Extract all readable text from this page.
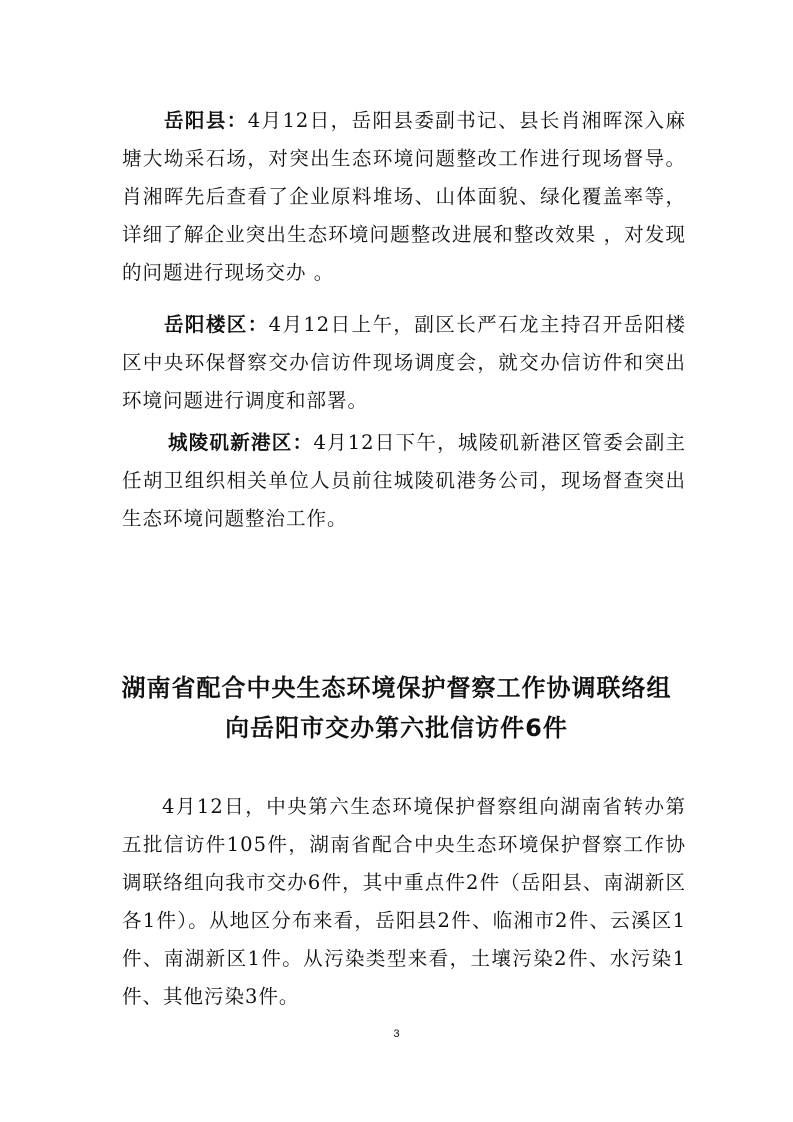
岳阳县：4月12日，岳阳县委副书记、县长肖湘晖深入麻塘大坳采石场，对突出生态环境问题整改工作进行现场督导。肖湘晖先后查看了企业原料堆场、山体面貌、绿化覆盖率等，详细了解企业突出生态环境问题整改进展和整改效果 ，对发现的问题进行现场交办 。

岳阳楼区：4月12日上午，副区长严石龙主持召开岳阳楼区中央环保督察交办信访件现场调度会，就交办信访件和突出环境问题进行调度和部署。

城陵矶新港区：4月12日下午，城陵矶新港区管委会副主任胡卫组织相关单位人员前往城陵矶港务公司，现场督查突出生态环境问题整治工作。

湖南省配合中央生态环境保护督察工作协调联络组
向岳阳市交办第六批信访件6件

4月12日，中央第六生态环境保护督察组向湖南省转办第五批信访件105件，湖南省配合中央生态环境保护督察工作协调联络组向我市交办6件，其中重点件2件（岳阳县、南湖新区各1件）。从地区分布来看，岳阳县2件、临湘市2件、云溪区1件、南湖新区1件。从污染类型来看，土壤污染2件、水污染1件、其他污染3件。

3
